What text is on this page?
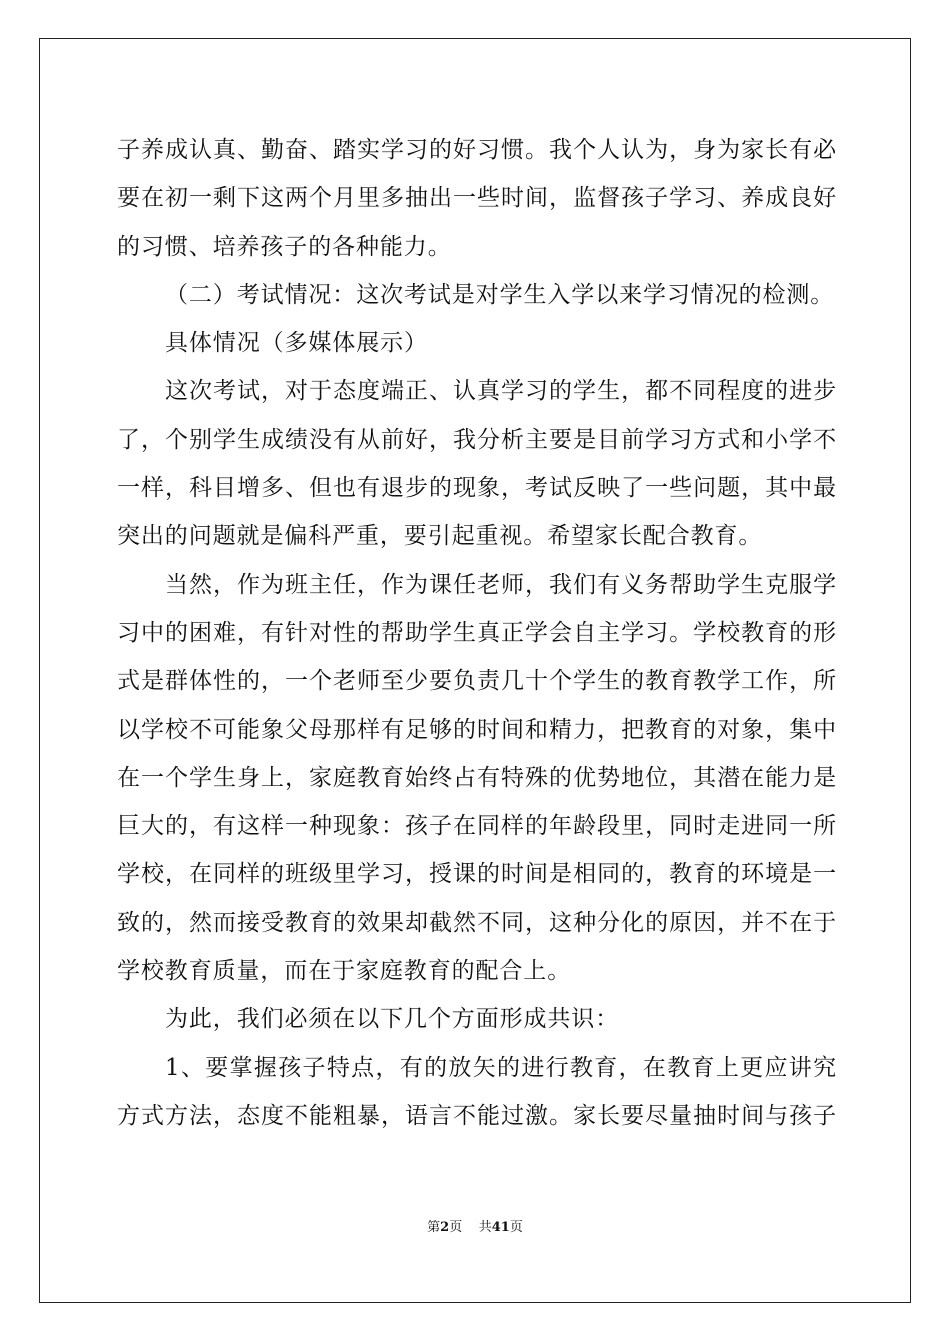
子养成认真、勤奋、踏实学习的好习惯。我个人认为，身为家长有必
要在初一剩下这两个月里多抽出一些时间，监督孩子学习、养成良好
的习惯、培养孩子的各种能力。
（二）考试情况：这次考试是对学生入学以来学习情况的检测。
具体情况（多媒体展示）
这次考试，对于态度端正、认真学习的学生，都不同程度的进步
了，个别学生成绩没有从前好，我分析主要是目前学习方式和小学不
一样，科目增多、但也有退步的现象，考试反映了一些问题，其中最
突出的问题就是偏科严重，要引起重视。希望家长配合教育。
当然，作为班主任，作为课任老师，我们有义务帮助学生克服学
习中的困难，有针对性的帮助学生真正学会自主学习。学校教育的形
式是群体性的，一个老师至少要负责几十个学生的教育教学工作，所
以学校不可能象父母那样有足够的时间和精力，把教育的对象，集中
在一个学生身上，家庭教育始终占有特殊的优势地位，其潜在能力是
巨大的，有这样一种现象：孩子在同样的年龄段里，同时走进同一所
学校，在同样的班级里学习，授课的时间是相同的，教育的环境是一
致的，然而接受教育的效果却截然不同，这种分化的原因，并不在于
学校教育质量，而在于家庭教育的配合上。
为此，我们必须在以下几个方面形成共识：
1、要掌握孩子特点，有的放矢的进行教育，在教育上更应讲究
方式方法，态度不能粗暴，语言不能过激。家长要尽量抽时间与孩子
第2页 共41页
